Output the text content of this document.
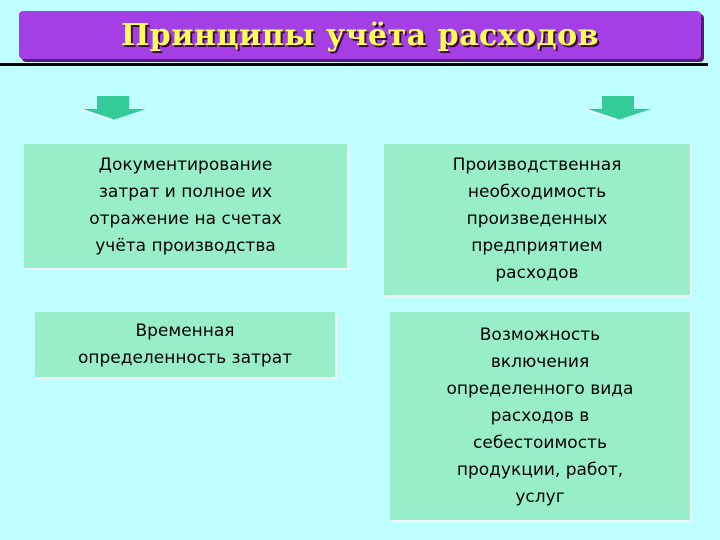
Принципы учёта расходов
Документирование
затрат и полное их
отражение на счетах
учёта производства
Производственная
необходимость
произведенных
предприятием
расходов
Временная
определенность затрат
Возможность
включения
определенного вида
расходов в
себестоимость
продукции, работ,
услуг
